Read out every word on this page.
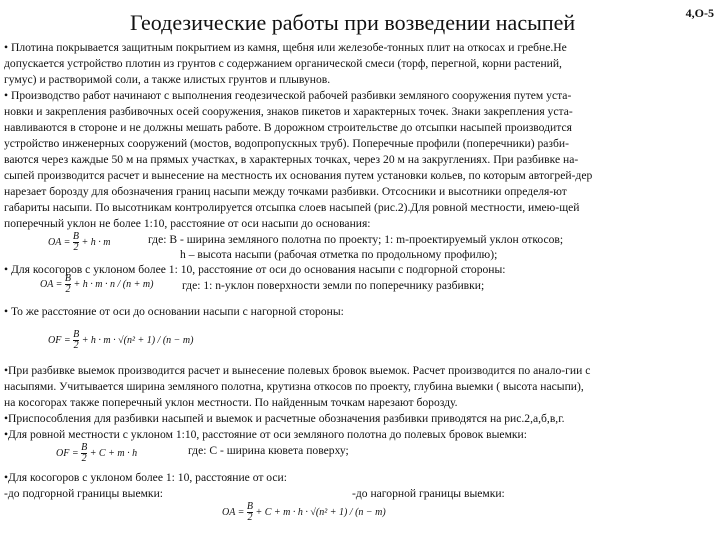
Геодезические работы при возведении насыпей	4,О-5
• Плотина покрывается защитным покрытием из камня, щебня или железобе-тонных плит на откосах и гребне.Не
допускается устройство плотин из грунтов с содержанием органической смеси (торф, перегной, корни растений,
гумус) и растворимой соли, а также илистых грунтов и плывунов.
• Производство работ начинают с выполнения геодезической рабочей разбивки земляного сооружения путем уста-
новки и закрепления разбивочных осей сооружения, знаков пикетов и характерных точек. Знаки закрепления уста-
навливаются в стороне и не должны мешать работе. В дорожном строительстве до отсыпки насыпей производится
устройство инженерных сооружений (мостов, водопропускных труб). Поперечные профили (поперечники) разби-
ваются через каждые 50 м на прямых участках, в характерных точках, через 20 м на закруглениях. При разбивке на-
сыпей производится расчет и вынесение на местность их основания путем установки кольев, по которым автогрей-дер
нарезает борозду для обозначения границ насыпи между точками разбивки. Отсосники и высотники определя-ют
габариты насыпи. По высотникам контролируется отсыпка слоев насыпей (рис.2).Для ровной местности, имею-щей
поперечный уклон не более 1:10, расстояние от оси насыпи до основания:
где: B - ширина земляного полотна по проекту; 1: m-проектируемый уклон откосов;
h – высота насыпи (рабочая отметка по продольному профилю);
• Для косогоров с уклоном более 1: 10, расстояние от оси до основания насыпи с подгорной стороны:
где: 1: n-уклон поверхности земли по поперечнику разбивки;
• То же расстояние от оси до основании насыпи с нагорной стороны:
•При разбивке выемок производится расчет и вынесение полевых бровок выемок. Расчет производится по анало-гии с
насыпями. Учитывается ширина земляного полотна, крутизна откосов по проекту, глубина выемки ( высота насыпи),
на косогорах также поперечный уклон местности. По найденным точкам нарезают борозду.
•Приспособления для разбивки насыпей и выемок и расчетные обозначения разбивки приводятся на рис.2,а,б,в,г.
•Для ровной местности с уклоном 1:10, расстояние от оси земляного полотна до полевых бровок выемки:
где: C - ширина кювета поверху;
•Для косогоров с уклоном более 1: 10, расстояние от оси:
-до подгорной границы выемки:	-до нагорной границы выемки:
OA = $\frac{B}{2} + h \cdot m$
OA = $\frac{B}{2} + h \cdot m \cdot n / (n + m)$
OF = $\frac{B}{2} + h \cdot m \cdot √(n^2 + 1) / (n - m)$
OF = $\frac{B}{2} + C + m \cdot h$
OA = $\frac{B}{2} + C + m \cdot h \cdot √(n^2 + 1) / (n - m)$
